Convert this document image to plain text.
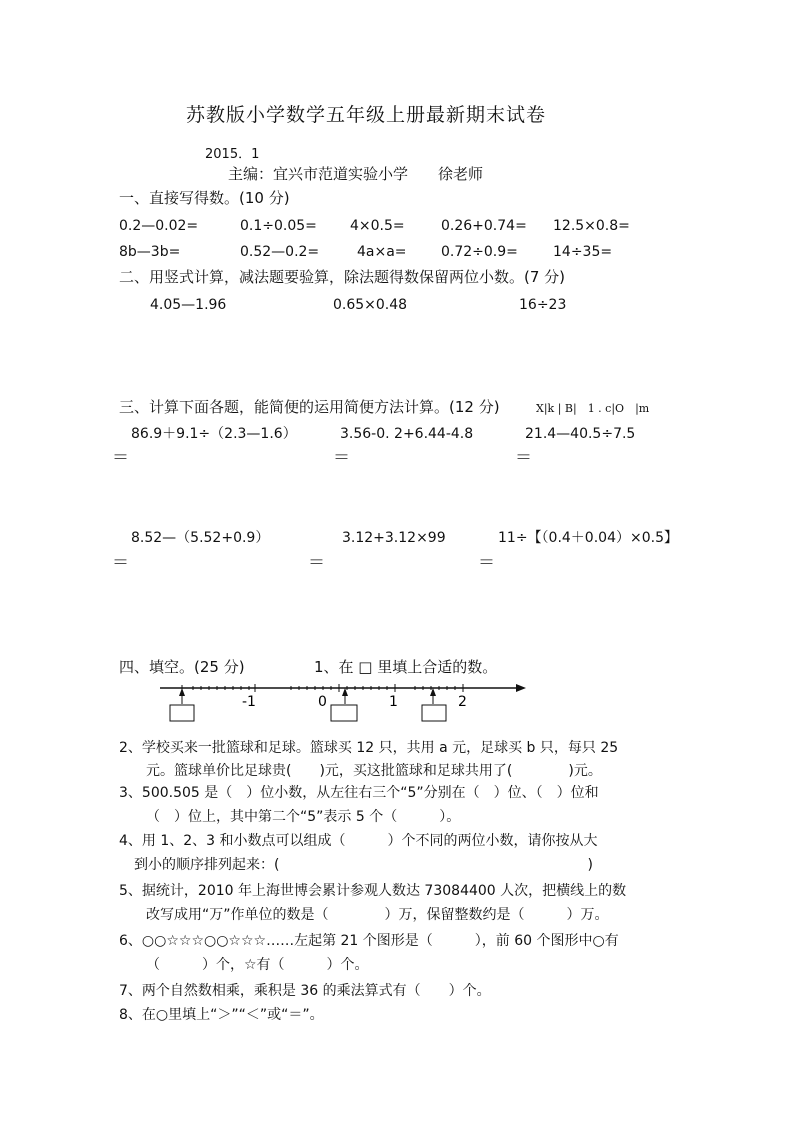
苏教版小学数学五年级上册最新期末试卷
2015．1
主编：宜兴市范道实验小学　　徐老师
一、直接写得数。(10 分)
0.2—0.02=	0.1÷0.05= 4×0.5=	0.26+0.74= 12.5×0.8=
8b—3b=	0.52—0.2=	4a×a= 0.72÷0.9=	14÷35=
二、用竖式计算，减法题要验算，除法题得数保留两位小数。(7 分)
4.05—1.96	0.65×0.48	16÷23
三、计算下面各题，能简便的运用简便方法计算。(12 分)	X|k | B|　1 . c|O　|m
86.9＋9.1÷（2.3—1.6）	3.56-0. 2+6.44-4.8	21.4—40.5÷7.5
＝	＝	＝
8.52—（5.52+0.9）	3.12+3.12×99	11÷【（0.4＋0.04）×0.5】
＝	＝	＝
四、填空。(25 分)	1、在 □ 里填上合适的数。
-1	0	1	2
2、学校买来一批篮球和足球。篮球买 12 只，共用 a 元，足球买 b 只，每只 25
元。篮球单价比足球贵(　　)元，买这批篮球和足球共用了(　　　　)元。
3、500.505 是（　）位小数，从左往右三个“5”分别在（　）位、（　）位和
（　）位上，其中第二个“5”表示 5 个（　　　）。
4、用 1、2、3 和小数点可以组成（　　　）个不同的两位小数，请你按从大
到小的顺序排列起来：(　　　　　　　　　　　　　　　　　　　　　　)
5、据统计，2010 年上海世博会累计参观人数达 73084400 人次，把横线上的数
改写成用“万”作单位的数是（　　　　）万，保留整数约是（　　　）万。
6、○○☆☆☆○○☆☆☆……左起第 21 个图形是（　　　），前 60 个图形中○有
（　　　）个，☆有（　　　）个。
7、两个自然数相乘，乘积是 36 的乘法算式有（　　）个。
8、在○里填上“＞”“＜”或“＝”。
